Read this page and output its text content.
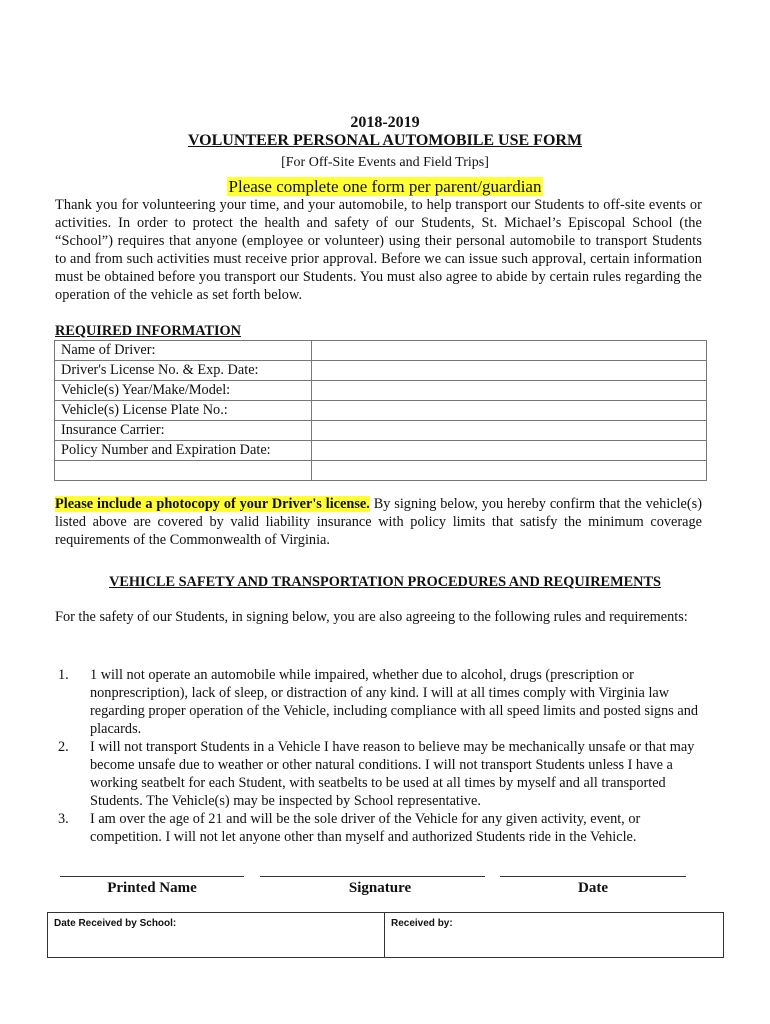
2018-2019
VOLUNTEER PERSONAL AUTOMOBILE USE FORM
[For Off-Site Events and Field Trips]
Please complete one form per parent/guardian
Thank you for volunteering your time, and your automobile, to help transport our Students to off-site events or activities. In order to protect the health and safety of our Students, St. Michael’s Episcopal School (the “School”) requires that anyone (employee or volunteer) using their personal automobile to transport Students to and from such activities must receive prior approval. Before we can issue such approval, certain information must be obtained before you transport our Students. You must also agree to abide by certain rules regarding the operation of the vehicle as set forth below.
REQUIRED INFORMATION
Name of Driver:	
Driver's License No. & Exp. Date:	
Vehicle(s) Year/Make/Model:	
Vehicle(s) License Plate No.:	
Insurance Carrier:	
Policy Number and Expiration Date:	

Please include a photocopy of your Driver's license. By signing below, you hereby confirm that the vehicle(s) listed above are covered by valid liability insurance with policy limits that satisfy the minimum coverage requirements of the Commonwealth of Virginia.
VEHICLE SAFETY AND TRANSPORTATION PROCEDURES AND REQUIREMENTS
For the safety of our Students, in signing below, you are also agreeing to the following rules and requirements:
1. 1 will not operate an automobile while impaired, whether due to alcohol, drugs (prescription or nonprescription), lack of sleep, or distraction of any kind. I will at all times comply with Virginia law regarding proper operation of the Vehicle, including compliance with all speed limits and posted signs and placards.
2. I will not transport Students in a Vehicle I have reason to believe may be mechanically unsafe or that may become unsafe due to weather or other natural conditions. I will not transport Students unless I have a working seatbelt for each Student, with seatbelts to be used at all times by myself and all transported Students. The Vehicle(s) may be inspected by School representative.
3. I am over the age of 21 and will be the sole driver of the Vehicle for any given activity, event, or competition. I will not let anyone other than myself and authorized Students ride in the Vehicle.
Printed Name	Signature	Date
Date Received by School:	Received by:
